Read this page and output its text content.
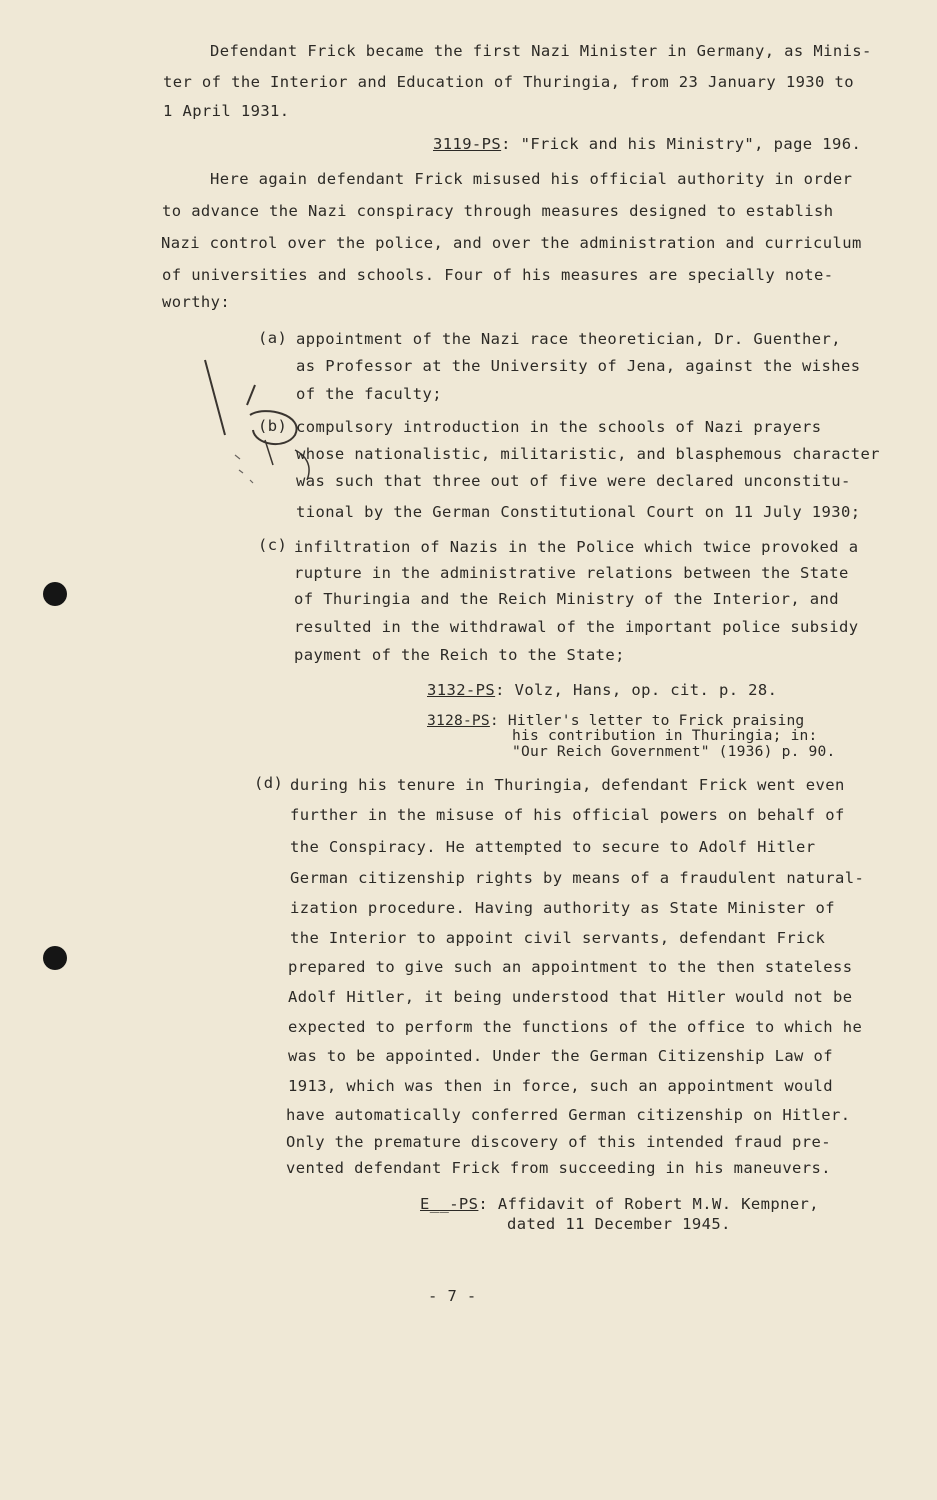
Defendant Frick became the first Nazi Minister in Germany, as Minis-
ter of the Interior and Education of Thuringia, from 23 January 1930 to
1 April 1931.
3119-PS: "Frick and his Ministry", page 196.
Here again defendant Frick misused his official authority in order
to advance the Nazi conspiracy through measures designed to establish
Nazi control over the police, and over the administration and curriculum
of universities and schools. Four of his measures are specially note-
worthy:
(a) appointment of the Nazi race theoretician, Dr. Guenther,
as Professor at the University of Jena, against the wishes
of the faculty;
(b) compulsory introduction in the schools of Nazi prayers
whose nationalistic, militaristic, and blasphemous character
was such that three out of five were declared unconstitu-
tional by the German Constitutional Court on 11 July 1930;
(c) infiltration of Nazis in the Police which twice provoked a
rupture in the administrative relations between the State
of Thuringia and the Reich Ministry of the Interior, and
resulted in the withdrawal of the important police subsidy
payment of the Reich to the State;
3132-PS: Volz, Hans, op. cit. p. 28.
3128-PS: Hitler's letter to Frick praising
his contribution in Thuringia; in:
"Our Reich Government" (1936) p. 90.
(d) during his tenure in Thuringia, defendant Frick went even
further in the misuse of his official powers on behalf of
the Conspiracy. He attempted to secure to Adolf Hitler
German citizenship rights by means of a fraudulent natural-
ization procedure. Having authority as State Minister of
the Interior to appoint civil servants, defendant Frick
prepared to give such an appointment to the then stateless
Adolf Hitler, it being understood that Hitler would not be
expected to perform the functions of the office to which he
was to be appointed. Under the German Citizenship Law of
1913, which was then in force, such an appointment would
have automatically conferred German citizenship on Hitler.
Only the premature discovery of this intended fraud pre-
vented defendant Frick from succeeding in his maneuvers.
E__-PS: Affidavit of Robert M.W. Kempner,
dated 11 December 1945.
- 7 -
